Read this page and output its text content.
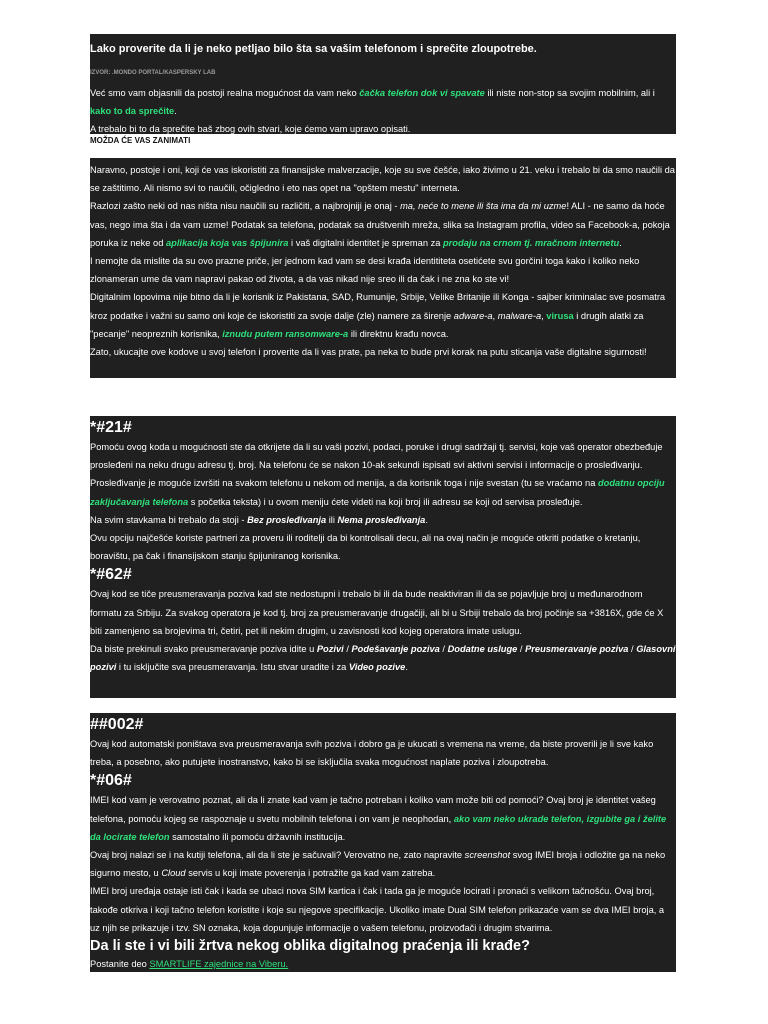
Lako proverite da li je neko petljao bilo šta sa vašim telefonom i sprečite zloupotrebe.

IZVOR: .MONDO PORTAL/KASPERSKY LAB

Već smo vam objasnili da postoji realna mogućnost da vam neko čačka telefon dok vi spavate ili niste non-stop sa svojim mobilnim, ali i kako to da sprečite.

A trebalo bi to da sprečite baš zbog ovih stvari, koje ćemo vam upravo opisati.

MOŽDA ĆE VAS ZANIMATI

Naravno, postoje i oni, koji će vas iskoristiti za finansijske malverzacije, koje su sve češće, iako živimo u 21. veku i trebalo bi da smo naučili da se zaštitimo. Ali nismo svi to naučili, očigledno i eto nas opet na "opštem mestu" interneta.

Razlozi zašto neki od nas ništa nisu naučili su različiti, a najbrojniji je onaj - ma, neće to mene ili šta ima da mi uzme! ALI - ne samo da hoće vas, nego ima šta i da vam uzme! Podatak sa telefona, podatak sa društvenih mreža, slika sa Instagram profila, video sa Facebook-a, pokoja poruka iz neke od aplikacija koja vas špijunira i vaš digitalni identitet je spreman za prodaju na crnom tj. mračnom internetu.

I nemojte da mislite da su ovo prazne priče, jer jednom kad vam se desi krađa identititeta osetićete svu gorčini toga kako i koliko neko zlonameran ume da vam napravi pakao od života, a da vas nikad nije sreo ili da čak i ne zna ko ste vi!

Digitalnim lopovima nije bitno da li je korisnik iz Pakistana, SAD, Rumunije, Srbije, Velike Britanije ili Konga - sajber kriminalac sve posmatra kroz podatke i važni su samo oni koje će iskoristiti za svoje dalje (zle) namere za širenje adware-a, malware-a, virusa i drugih alatki za "pecanje" neopreznih korisnika, iznudu putem ransomware-a ili direktnu krađu novca.

Zato, ukucajte ove kodove u svoj telefon i proverite da li vas prate, pa neka to bude prvi korak na putu sticanja vaše digitalne sigurnosti!

*#21#

Pomoću ovog koda u mogućnosti ste da otkrijete da li su vaši pozivi, podaci, poruke i drugi sadržaji tj. servisi, koje vaš operator obezbeđuje prosleđeni na neku drugu adresu tj. broj. Na telefonu će se nakon 10-ak sekundi ispisati svi aktivni servisi i informacije o prosleđivanju.

Prosleđivanje je moguće izvršiti na svakom telefonu u nekom od menija, a da korisnik toga i nije svestan (tu se vraćamo na dodatnu opciju zaključavanja telefona s početka teksta) i u ovom meniju ćete videti na koji broj ili adresu se koji od servisa prosleđuje.

Na svim stavkama bi trebalo da stoji - Bez prosleđivanja ili Nema prosleđivanja.

Ovu opciju najčešće koriste partneri za proveru ili roditelji da bi kontrolisali decu, ali na ovaj način je moguće otkriti podatke o kretanju, boravištu, pa čak i finansijskom stanju špijuniranog korisnika.

*#62#

Ovaj kod se tiče preusmeravanja poziva kad ste nedostupni i trebalo bi ili da bude neaktiviran ili da se pojavljuje broj u međunarodnom formatu za Srbiju. Za svakog operatora je kod tj. broj za preusmeravanje drugačiji, ali bi u Srbiji trebalo da broj počinje sa +3816X, gde će X biti zamenjeno sa brojevima tri, četiri, pet ili nekim drugim, u zavisnosti kod kojeg operatora imate uslugu.

Da biste prekinuli svako preusmeravanje poziva idite u Pozivi / Podešavanje poziva / Dodatne usluge / Preusmeravanje poziva / Glasovni pozivi i tu isključite sva preusmeravanja. Istu stvar uradite i za Video pozive.

##002#

Ovaj kod automatski poništava sva preusmeravanja svih poziva i dobro ga je ukucati s vremena na vreme, da biste proverili je li sve kako treba, a posebno, ako putujete inostranstvo, kako bi se isključila svaka mogućnost naplate poziva i zloupotreba.

*#06#

IMEI kod vam je verovatno poznat, ali da li znate kad vam je tačno potreban i koliko vam može biti od pomoći? Ovaj broj je identitet vašeg telefona, pomoću kojeg se raspoznaje u svetu mobilnih telefona i on vam je neophodan, ako vam neko ukrade telefon, izgubite ga i želite da locirate telefon samostalno ili pomoću državnih institucija.

Ovaj broj nalazi se i na kutiji telefona, ali da li ste je sačuvali? Verovatno ne, zato napravite screenshot svog IMEI broja i odložite ga na neko sigurno mesto, u Cloud servis u koji imate poverenja i potražite ga kad vam zatreba.

IMEI broj uređaja ostaje isti čak i kada se ubaci nova SIM kartica i čak i tada ga je moguće locirati i pronaći s velikom tačnošću. Ovaj broj, takođe otkriva i koji tačno telefon koristite i koje su njegove specifikacije. Ukoliko imate Dual SIM telefon prikazaće vam se dva IMEI broja, a uz njih se prikazuje i tzv. SN oznaka, koja dopunjuje informacije o vašem telefonu, proizvođači i drugim stvarima.

Da li ste i vi bili žrtva nekog oblika digitalnog praćenja ili krađe?

Postanite deo SMARTLIFE zajednice na Viberu.
